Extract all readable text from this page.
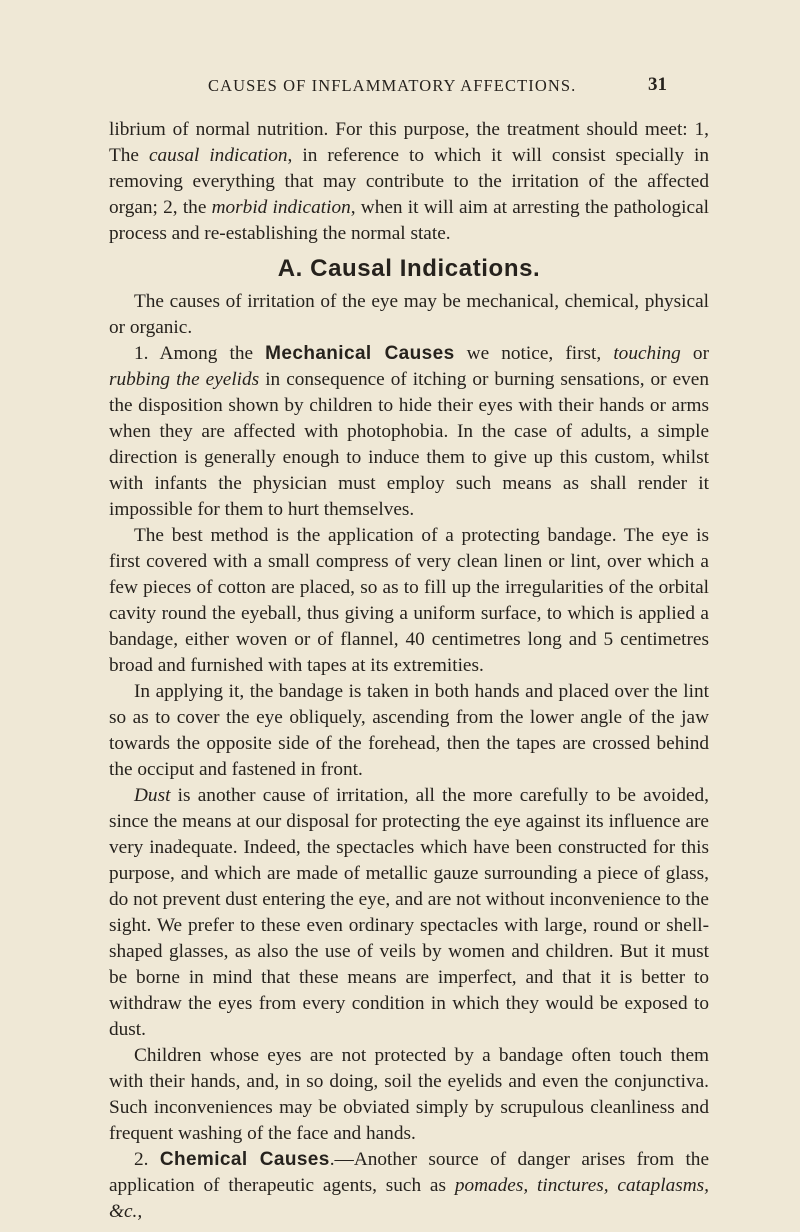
CAUSES OF INFLAMMATORY AFFECTIONS.	31

librium of normal nutrition. For this purpose, the treatment should meet: 1, The causal indication, in reference to which it will consist specially in removing everything that may contribute to the irritation of the affected organ; 2, the morbid indication, when it will aim at arresting the pathological process and re-establishing the normal state.

A. Causal Indications.

The causes of irritation of the eye may be mechanical, chemical, physical or organic.

1. Among the Mechanical Causes we notice, first, touching or rubbing the eyelids in consequence of itching or burning sensations, or even the disposition shown by children to hide their eyes with their hands or arms when they are affected with photophobia. In the case of adults, a simple direction is generally enough to induce them to give up this custom, whilst with infants the physician must employ such means as shall render it impossible for them to hurt themselves.

The best method is the application of a protecting bandage. The eye is first covered with a small compress of very clean linen or lint, over which a few pieces of cotton are placed, so as to fill up the irregularities of the orbital cavity round the eyeball, thus giving a uniform surface, to which is applied a bandage, either woven or of flannel, 40 centimetres long and 5 centimetres broad and furnished with tapes at its extremities.

In applying it, the bandage is taken in both hands and placed over the lint so as to cover the eye obliquely, ascending from the lower angle of the jaw towards the opposite side of the forehead, then the tapes are crossed behind the occiput and fastened in front.

Dust is another cause of irritation, all the more carefully to be avoided, since the means at our disposal for protecting the eye against its influence are very inadequate. Indeed, the spectacles which have been constructed for this purpose, and which are made of metallic gauze surrounding a piece of glass, do not prevent dust entering the eye, and are not without inconvenience to the sight. We prefer to these even ordinary spectacles with large, round or shell-shaped glasses, as also the use of veils by women and children. But it must be borne in mind that these means are imperfect, and that it is better to withdraw the eyes from every condition in which they would be exposed to dust.

Children whose eyes are not protected by a bandage often touch them with their hands, and, in so doing, soil the eyelids and even the conjunctiva. Such inconveniences may be obviated simply by scrupulous cleanliness and frequent washing of the face and hands.

2. Chemical Causes.—Another source of danger arises from the application of therapeutic agents, such as pomades, tinctures, cataplasms, &c.,
